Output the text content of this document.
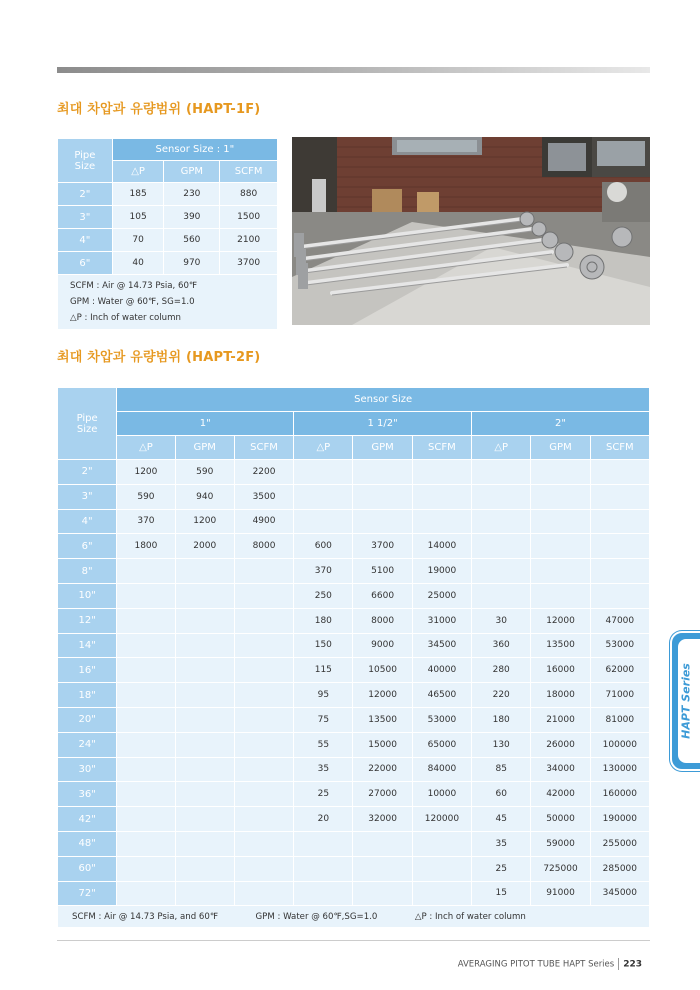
최대 차압과 유량범위 (HAPT-1F)
Pipe
Size	Sensor Size : 1"		
	△P	GPM	SCFM
2"	185	230	880
3"	105	390	1500
4"	70	560	2100
6"	40	970	3700

SCFM : Air @ 14.73 Psia, 60℉
GPM : Water @ 60℉, SG=1.0
△P : Inch of water column			
최대 차압과 유량범위 (HAPT-2F)
Pipe
Size	Sensor Size								
	1"			1 1/2"			2"		
	△P	GPM	SCFM	△P	GPM	SCFM	△P	GPM	SCFM
2"	1200	590	2200						
3"	590	940	3500						
4"	370	1200	4900						
6"	1800	2000	8000	600	3700	14000			
8"				370	5100	19000			
10"				250	6600	25000			
12"				180	8000	31000	30	12000	47000
14"				150	9000	34500	360	13500	53000
16"				115	10500	40000	280	16000	62000
18"				95	12000	46500	220	18000	71000
20"				75	13500	53000	180	21000	81000
24"				55	15000	65000	130	26000	100000
30"				35	22000	84000	85	34000	130000
36"				25	27000	10000	60	42000	160000
42"				20	32000	120000	45	50000	190000
48"							35	59000	255000
60"							25	725000	285000
72"							15	91000	345000
SCFM : Air @ 14.73 Psia, and 60℉ GPM : Water @ 60℉,SG=1.0 △P : Inch of water column									
HAPT Series
AVERAGING PITOT TUBE HAPT Series 223
